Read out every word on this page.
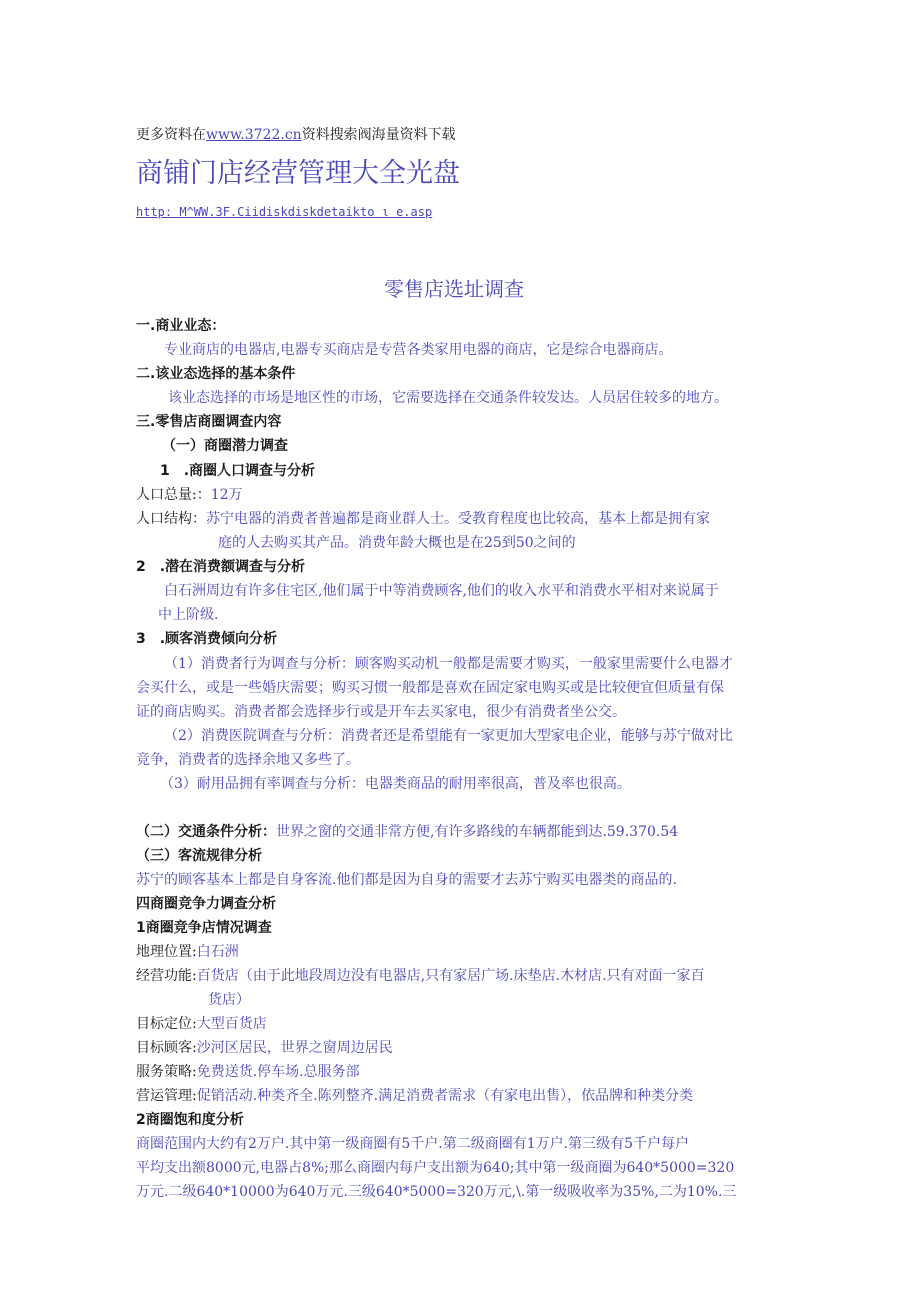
更多资料在www.3722.cn资料搜索阀海量资料下载
商铺门店经营管理大全光盘
http: M^WW.3F.Ciidiskdiskdetaikto ι e.asp
零售店选址调查
一.商业业态：
专业商店的电器店,电器专买商店是专营各类家用电器的商店，它是综合电器商店。
二.该业态选择的基本条件
该业态选择的市场是地区性的市场，它需要选择在交通条件较发达。人员居住较多的地方。
三.零售店商圈调查内容
（一）商圈潜力调查
1　.商圈人口调查与分析
人口总量:：12万
人口结构：苏宁电器的消费者普遍都是商业群人士。受教育程度也比较高，基本上都是拥有家
庭的人去购买其产品。消费年龄大概也是在25到50之间的
2　.潜在消费额调查与分析
白石洲周边有许多住宅区,他们属于中等消费顾客,他们的收入水平和消费水平相对来说属于
中上阶级.
3　.顾客消费倾向分析
（1）消费者行为调查与分析：顾客购买动机一般都是需要才购买，一般家里需要什么电器才
会买什么，或是一些婚庆需要；购买习惯一般都是喜欢在固定家电购买或是比较便宜但质量有保
证的商店购买。消费者都会选择步行或是开车去买家电，很少有消费者坐公交。
（2）消费医院调查与分析：消费者还是希望能有一家更加大型家电企业，能够与苏宁做对比
竞争，消费者的选择余地又多些了。
（3）耐用品拥有率调查与分析：电器类商品的耐用率很高，普及率也很高。
（二）交通条件分析：世界之窗的交通非常方便,有许多路线的车辆都能到达.59.370.54
（三）客流规律分析
苏宁的顾客基本上都是自身客流.他们都是因为自身的需要才去苏宁购买电器类的商品的.
四商圈竞争力调查分析
1商圈竞争店情况调查
地理位置:白石洲
经营功能:百货店（由于此地段周边没有电器店,只有家居广场.床垫店.木材店.只有对面一家百
货店）
目标定位:大型百货店
目标顾客:沙河区居民，世界之窗周边居民
服务策略:免费送货.停车场.总服务部
营运管理:促销活动.种类齐全.陈列整齐.满足消费者需求（有家电出售），依品牌和种类分类
2商圈饱和度分析
商圈范围内大约有2万户.其中第一级商圈有5千户.第二级商圈有1万户.第三级有5千户每户
平均支出额8000元,电器占8%;那么商圈内每户支出额为640;其中第一级商圈为640*5000=320
万元.二级640*10000为640万元.三级640*5000=320万元,\.第一级吸收率为35%,二为10%.三
